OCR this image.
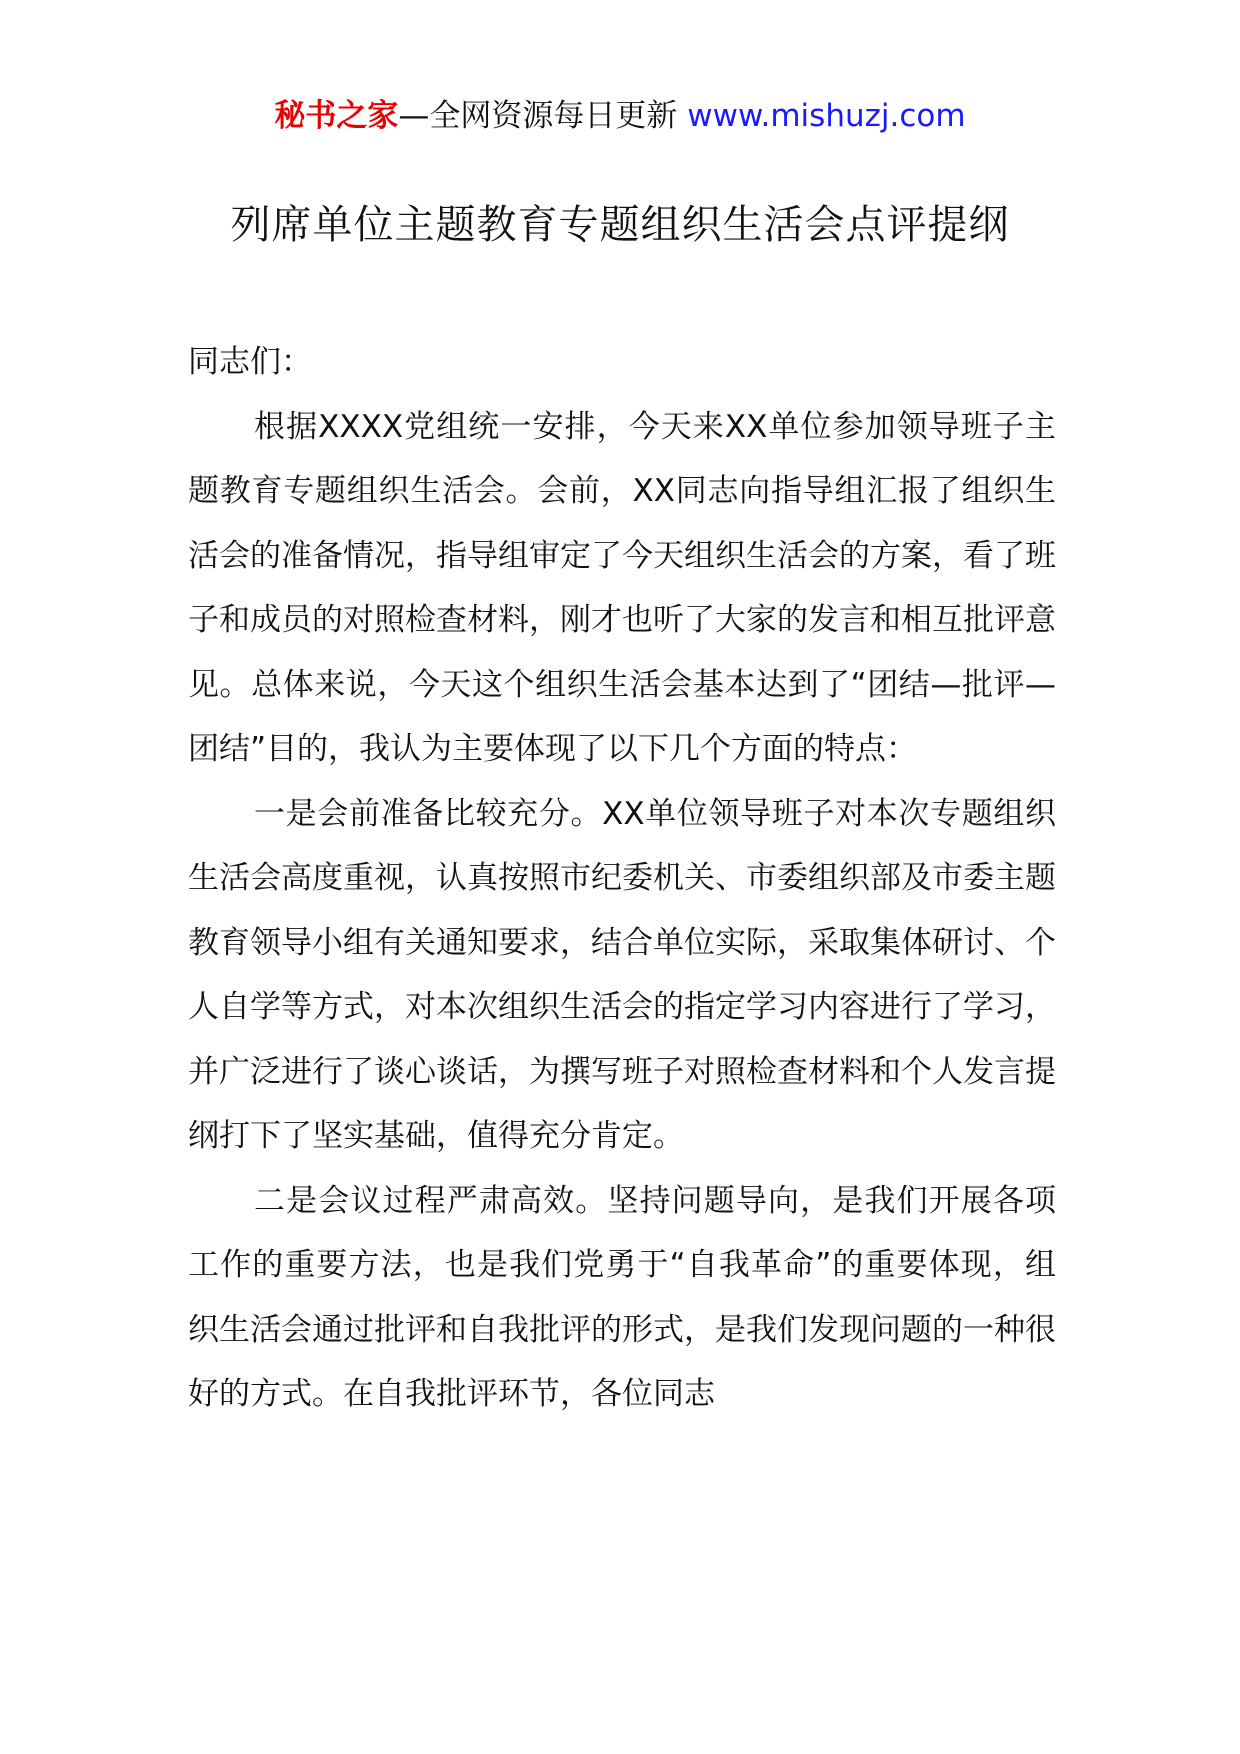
秘书之家—全网资源每日更新 www.mishuzj.com
列席单位主题教育专题组织生活会点评提纲

同志们：

根据XXXX党组统一安排，今天来XX单位参加领导班子主题教育专题组织生活会。会前，XX同志向指导组汇报了组织生活会的准备情况，指导组审定了今天组织生活会的方案，看了班子和成员的对照检查材料，刚才也听了大家的发言和相互批评意见。总体来说，今天这个组织生活会基本达到了“团结—批评—团结”目的，我认为主要体现了以下几个方面的特点：

一是会前准备比较充分。XX单位领导班子对本次专题组织生活会高度重视，认真按照市纪委机关、市委组织部及市委主题教育领导小组有关通知要求，结合单位实际，采取集体研讨、个人自学等方式，对本次组织生活会的指定学习内容进行了学习，并广泛进行了谈心谈话，为撰写班子对照检查材料和个人发言提纲打下了坚实基础，值得充分肯定。

二是会议过程严肃高效。坚持问题导向，是我们开展各项工作的重要方法，也是我们党勇于“自我革命”的重要体现，组织生活会通过批评和自我批评的形式，是我们发现问题的一种很好的方式。在自我批评环节，各位同志
